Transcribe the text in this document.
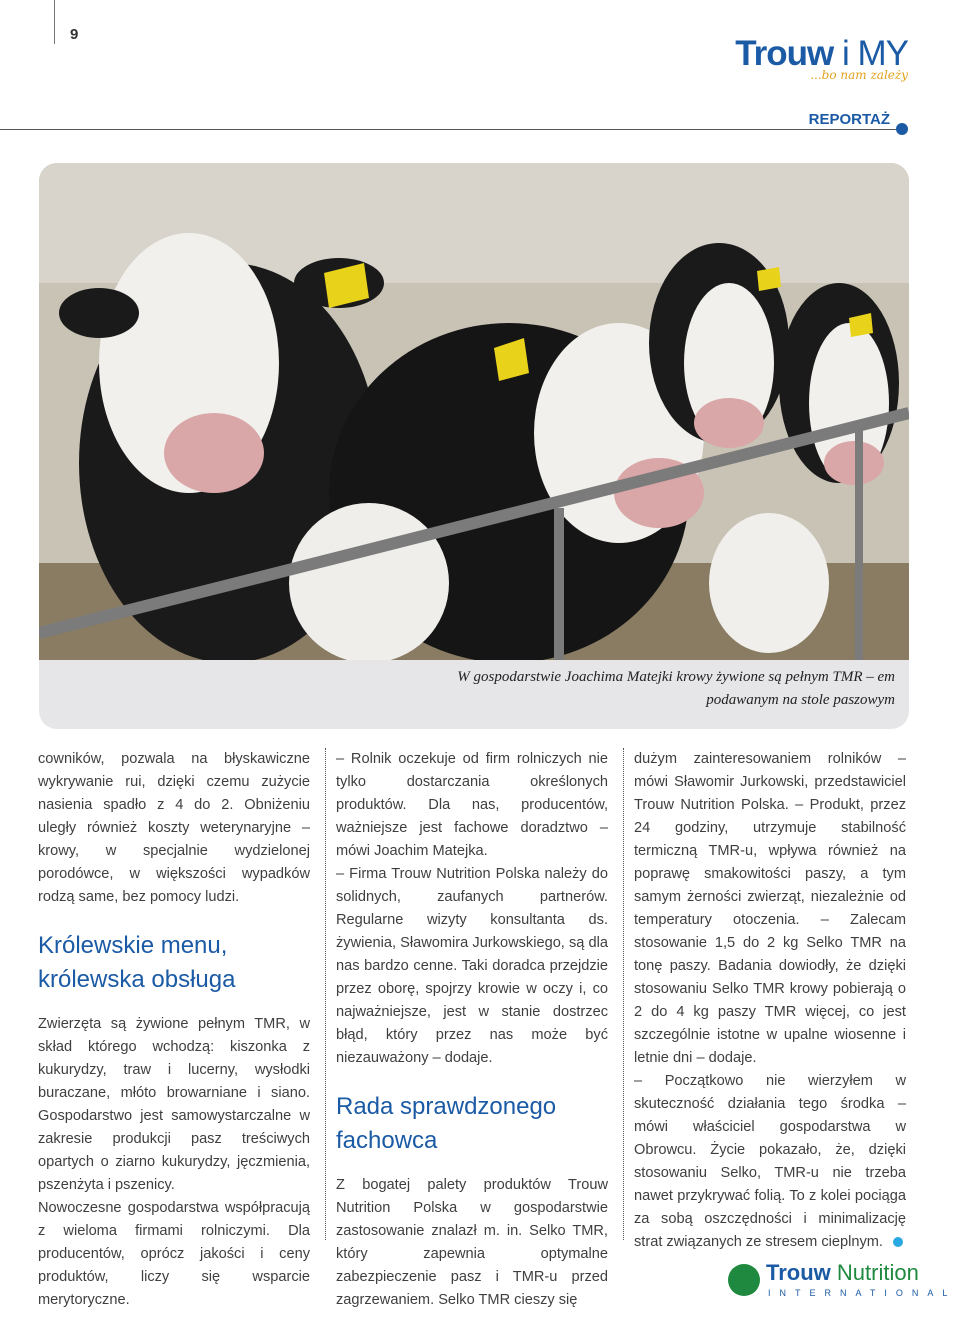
9	Trouw i MY
...bo nam zależy
REPORTAŻ
W gospodarstwie Joachima Matejki krowy żywione są pełnym TMR – em
podawanym na stole paszowym

cowników, pozwala na błyskawiczne wykrywanie rui, dzięki czemu zużycie nasienia spadło z 4 do 2. Obniżeniu uległy również koszty weterynaryjne – krowy, w specjalnie wydzielonej porodówce, w większości wypadków rodzą same, bez pomocy ludzi.

Królewskie menu,
królewska obsługa

Zwierzęta są żywione pełnym TMR, w skład którego wchodzą: kiszonka z kukurydzy, traw i lucerny, wysłodki buraczane, młóto browarniane i siano. Gospodarstwo jest samowystarczalne w zakresie produkcji pasz treściwych opartych o ziarno kukurydzy, jęczmienia, pszenżyta i pszenicy.

Nowoczesne gospodarstwa współpracują z wieloma firmami rolniczymi. Dla producentów, oprócz jakości i ceny produktów, liczy się wsparcie merytoryczne.

– Rolnik oczekuje od firm rolniczych nie tylko dostarczania określonych produktów. Dla nas, producentów, ważniejsze jest fachowe doradztwo – mówi Joachim Matejka.

– Firma Trouw Nutrition Polska należy do solidnych, zaufanych partnerów. Regularne wizyty konsultanta ds. żywienia, Sławomira Jurkowskiego, są dla nas bardzo cenne. Taki doradca przejdzie przez oborę, spojrzy krowie w oczy i, co najważniejsze, jest w stanie dostrzec błąd, który przez nas może być niezauważony – dodaje.

Rada sprawdzonego
fachowca

Z bogatej palety produktów Trouw Nutrition Polska w gospodarstwie zastosowanie znalazł m. in. Selko TMR, który zapewnia optymalne zabezpieczenie pasz i TMR-u przed zagrzewaniem. Selko TMR cieszy się

dużym zainteresowaniem rolników – mówi Sławomir Jurkowski, przedstawiciel Trouw Nutrition Polska. – Produkt, przez 24 godziny, utrzymuje stabilność termiczną TMR-u, wpływa również na poprawę smakowitości paszy, a tym samym żerności zwierząt, niezależnie od temperatury otoczenia. – Zalecam stosowanie 1,5 do 2 kg Selko TMR na tonę paszy. Badania dowiodły, że dzięki stosowaniu Selko TMR krowy pobierają o 2 do 4 kg paszy TMR więcej, co jest szczególnie istotne w upalne wiosenne i letnie dni – dodaje.

– Początkowo nie wierzyłem w skuteczność działania tego środka – mówi właściciel gospodarstwa w Obrowcu. Życie pokazało, że, dzięki stosowaniu Selko, TMR-u nie trzeba nawet przykrywać folią. To z kolei pociąga za sobą oszczędności i minimalizację strat związanych ze stresem cieplnym.

Trouw Nutrition
INTERNATIONAL
